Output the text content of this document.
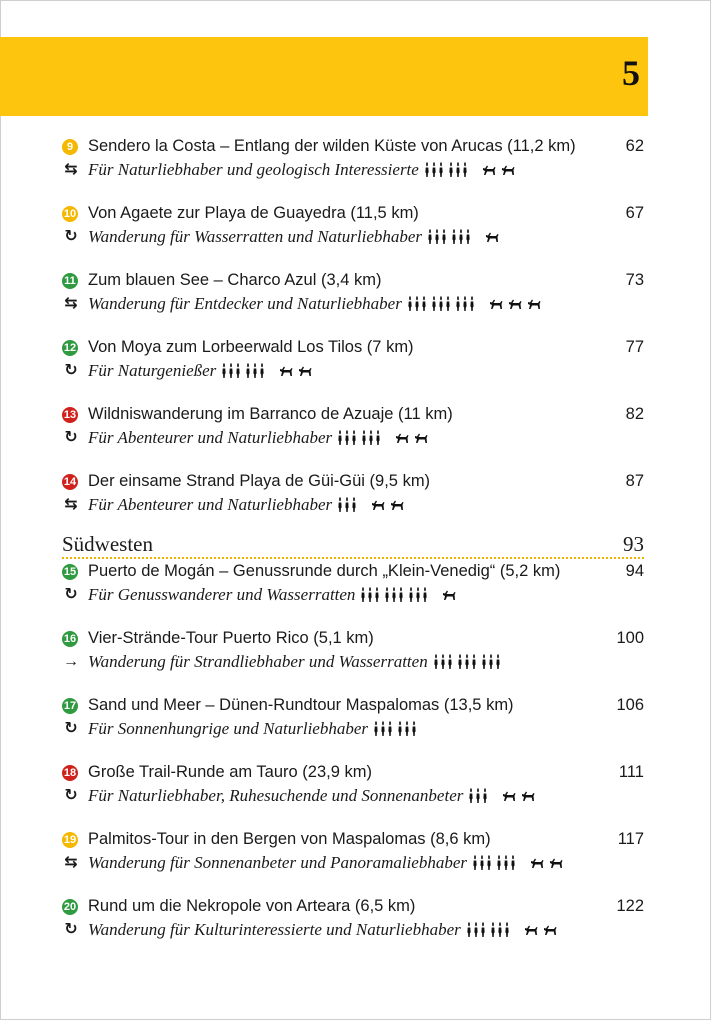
5
9 Sendero la Costa – Entlang der wilden Küste von Arucas (11,2 km)	62
⇆ Für Naturliebhaber und geologisch Interessierte
10 Von Agaete zur Playa de Guayedra (11,5 km)	67
↻ Wanderung für Wasserratten und Naturliebhaber
11 Zum blauen See – Charco Azul (3,4 km)	73
⇆ Wanderung für Entdecker und Naturliebhaber
12 Von Moya zum Lorbeerwald Los Tilos (7 km)	77
↻ Für Naturgenießer
13 Wildniswanderung im Barranco de Azuaje (11 km)	82
↻ Für Abenteurer und Naturliebhaber
14 Der einsame Strand Playa de Güi-Güi (9,5 km)	87
⇆ Für Abenteurer und Naturliebhaber
Südwesten	93
15 Puerto de Mogán – Genussrunde durch „Klein-Venedig“ (5,2 km)	94
↻ Für Genusswanderer und Wasserratten
16 Vier-Strände-Tour Puerto Rico (5,1 km)	100
→ Wanderung für Strandliebhaber und Wasserratten
17 Sand und Meer – Dünen-Rundtour Maspalomas (13,5 km)	106
↻ Für Sonnenhungrige und Naturliebhaber
18 Große Trail-Runde am Tauro (23,9 km)	111
↻ Für Naturliebhaber, Ruhesuchende und Sonnenanbeter
19 Palmitos-Tour in den Bergen von Maspalomas (8,6 km)	117
⇆ Wanderung für Sonnenanbeter und Panoramaliebhaber
20 Rund um die Nekropole von Arteara (6,5 km)	122
↻ Wanderung für Kulturinteressierte und Naturliebhaber
